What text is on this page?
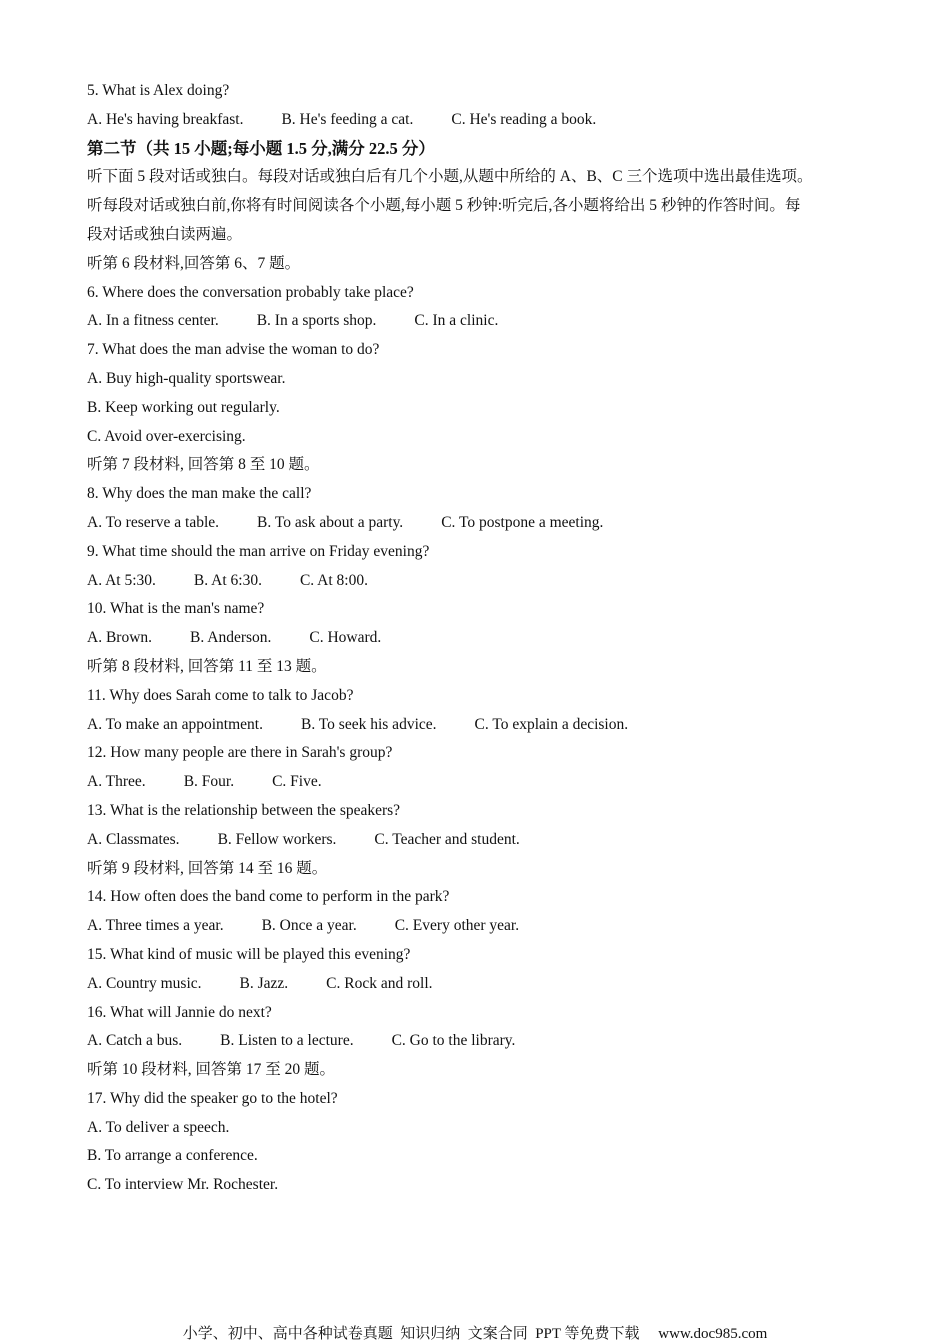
5. What is Alex doing?
A. He's having breakfast. B. He's feeding a cat. C. He's reading a book.
第二节（共 15 小题;每小题 1.5 分,满分 22.5 分）
听下面 5 段对话或独白。每段对话或独白后有几个小题,从题中所给的 A、B、C 三个选项中选出最佳选项。
听每段对话或独白前,你将有时间阅读各个小题,每小题 5 秒钟:听完后,各小题将给出 5 秒钟的作答时间。每
段对话或独白读两遍。
听第 6 段材料,回答第 6、7 题。
6. Where does the conversation probably take place?
A. In a fitness center. B. In a sports shop. C. In a clinic.
7. What does the man advise the woman to do?
A. Buy high-quality sportswear.
B. Keep working out regularly.
C. Avoid over-exercising.
听第 7 段材料, 回答第 8 至 10 题。
8. Why does the man make the call?
A. To reserve a table. B. To ask about a party. C. To postpone a meeting.
9. What time should the man arrive on Friday evening?
A. At 5:30. B. At 6:30. C. At 8:00.
10. What is the man's name?
A. Brown. B. Anderson. C. Howard.
听第 8 段材料, 回答第 11 至 13 题。
11. Why does Sarah come to talk to Jacob?
A. To make an appointment. B. To seek his advice. C. To explain a decision.
12. How many people are there in Sarah's group?
A. Three. B. Four. C. Five.
13. What is the relationship between the speakers?
A. Classmates. B. Fellow workers. C. Teacher and student.
听第 9 段材料, 回答第 14 至 16 题。
14. How often does the band come to perform in the park?
A. Three times a year. B. Once a year. C. Every other year.
15. What kind of music will be played this evening?
A. Country music. B. Jazz. C. Rock and roll.
16. What will Jannie do next?
A. Catch a bus. B. Listen to a lecture. C. Go to the library.
听第 10 段材料, 回答第 17 至 20 题。
17. Why did the speaker go to the hotel?
A. To deliver a speech.
B. To arrange a conference.
C. To interview Mr. Rochester.
小学、初中、高中各种试卷真题  知识归纳  文案合同  PPT 等免费下载     www.doc985.com
